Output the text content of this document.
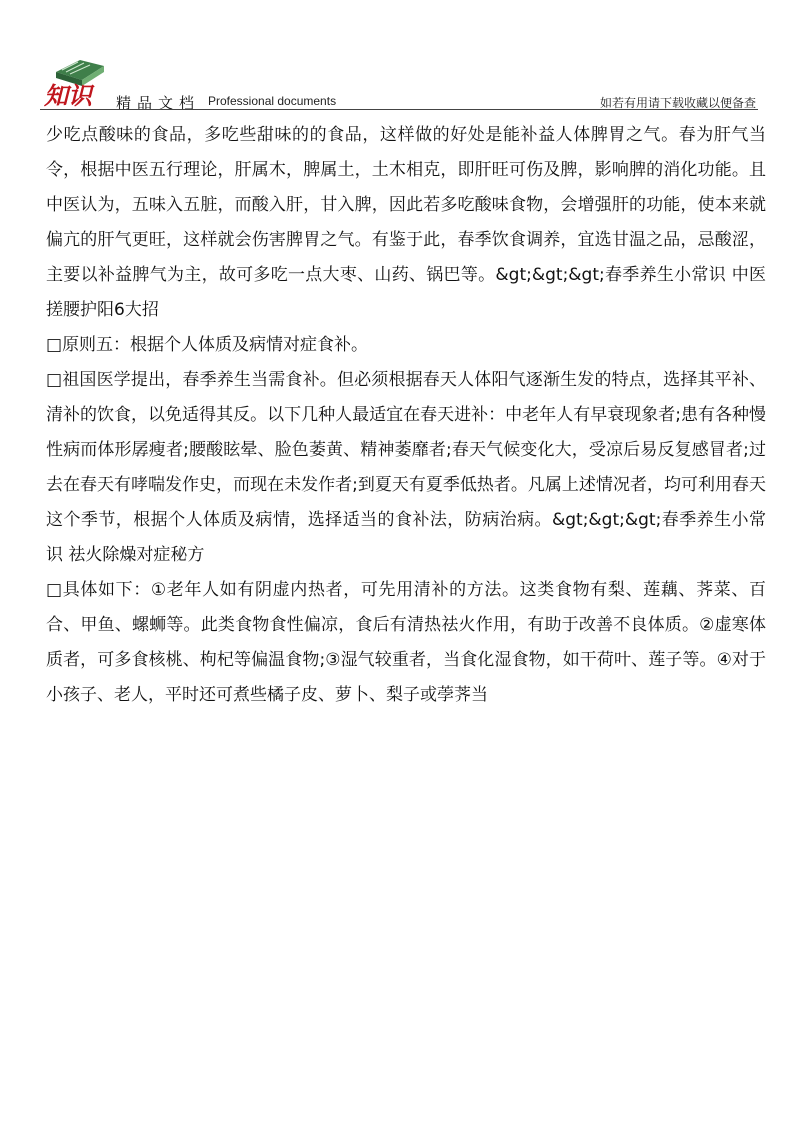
知识 精品文档 Professional documents	如若有用请下载收藏以便备查

少吃点酸味的食品，多吃些甜味的的食品，这样做的好处是能补益人体脾胃之气。春为肝气当令，根据中医五行理论，肝属木，脾属土，土木相克，即肝旺可伤及脾，影响脾的消化功能。且中医认为，五味入五脏，而酸入肝，甘入脾，因此若多吃酸味食物，会增强肝的功能，使本来就偏亢的肝气更旺，这样就会伤害脾胃之气。有鉴于此，春季饮食调养，宜选甘温之品，忌酸涩，主要以补益脾气为主，故可多吃一点大枣、山药、锅巴等。&gt;&gt;&gt;春季养生小常识 中医搓腰护阳6大招

□ 原则五：根据个人体质及病情对症食补。

□ 祖国医学提出，春季养生当需食补。但必须根据春天人体阳气逐渐生发的特点，选择其平补、清补的饮食，以免适得其反。以下几种人最适宜在春天进补：中老年人有早衰现象者;患有各种慢性病而体形孱瘦者;腰酸眩晕、脸色萎黄、精神萎靡者;春天气候变化大，受凉后易反复感冒者;过去在春天有哮喘发作史，而现在未发作者;到夏天有夏季低热者。凡属上述情况者，均可利用春天这个季节，根据个人体质及病情，选择适当的食补法，防病治病。&gt;&gt;&gt;春季养生小常识 祛火除燥对症秘方

□ 具体如下：①老年人如有阴虚内热者，可先用清补的方法。这类食物有梨、莲藕、荠菜、百合、甲鱼、螺蛳等。此类食物食性偏凉，食后有清热祛火作用，有助于改善不良体质。②虚寒体质者，可多食核桃、枸杞等偏温食物;③湿气较重者，当食化湿食物，如干荷叶、莲子等。④对于小孩子、老人，平时还可煮些橘子皮、萝卜、梨子或荸荠当
